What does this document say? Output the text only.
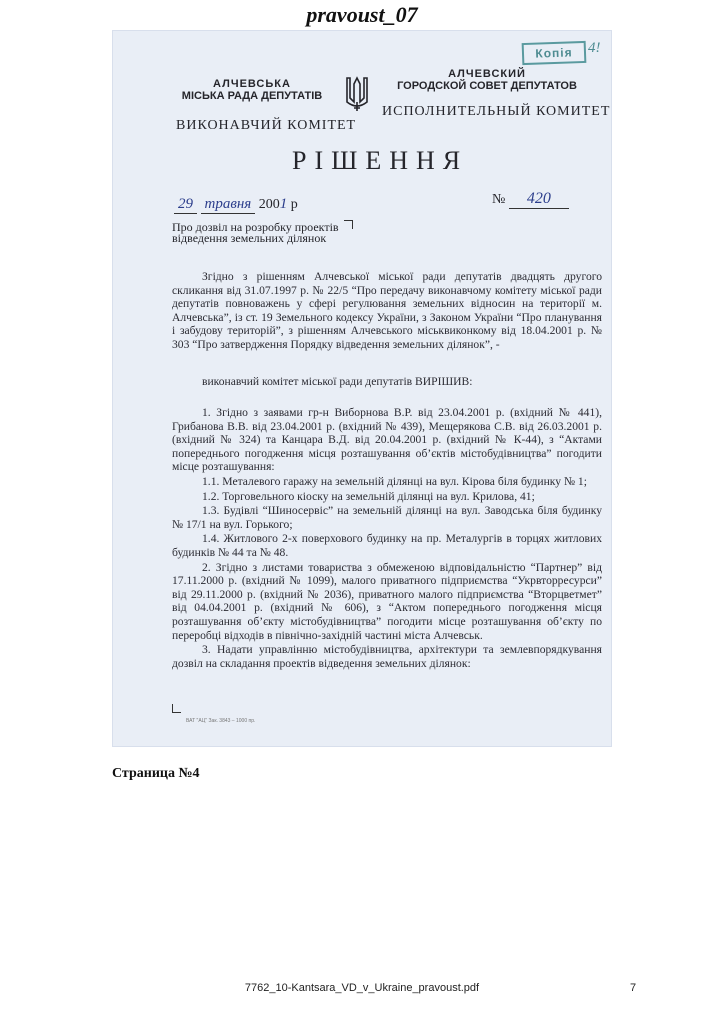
pravoust_07
Копія	4!
АЛЧЕВСЬКА
МІСЬКА РАДА ДЕПУТАТІВ
ВИКОНАВЧИЙ КОМІТЕТ
АЛЧЕВСКИЙ
ГОРОДСКОЙ СОВЕТ ДЕПУТАТОВ
ИСПОЛНИТЕЛЬНЫЙ КОМИТЕТ
РІШЕННЯ
29 травня 2001 р	№ 420
Про дозвіл на розробку проектів відведення земельних ділянок
Згідно з рішенням Алчевської міської ради депутатів двадцять другого скликання від 31.07.1997 р. № 22/5 “Про передачу виконавчому комітету міської ради депутатів повноважень у сфері регулювання земельних відносин на території м. Алчевська”, із ст. 19 Земельного кодексу України, з Законом України “Про планування і забудову територій”, з рішенням Алчевського міськвиконкому від 18.04.2001 р. № 303 “Про затвердження Порядку відведення земельних ділянок”, -
виконавчий комітет міської ради депутатів ВИРІШИВ:

1. Згідно з заявами гр-н Виборнова В.Р. від 23.04.2001 р. (вхідний № 441), Грибанова В.В. від 23.04.2001 р. (вхідний № 439), Мещерякова С.В. від 26.03.2001 р. (вхідний № 324) та Канцара В.Д. від 20.04.2001 р. (вхідний № К-44), з “Актами попереднього погодження місця розташування об’єктів містобудівництва” погодити місце розташування:

1.1. Металевого гаражу на земельній ділянці на вул. Кірова біля будинку № 1;

1.2. Торговельного кіоску на земельній ділянці на вул. Крилова, 41;

1.3. Будівлі “Шиносервіс” на земельній ділянці на вул. Заводська біля будинку № 17/1 на вул. Горького;

1.4. Житлового 2-х поверхового будинку на пр. Металургів в торцях житлових будинків № 44 та № 48.

2. Згідно з листами товариства з обмеженою відповідальністю “Партнер” від 17.11.2000 р. (вхідний № 1099), малого приватного підприємства “Укрвторресурси” від 29.11.2000 р. (вхідний № 2036), приватного малого підприємства “Вторцветмет” від 04.04.2001 р. (вхідний № 606), з “Актом попереднього погодження місця розташування об’єкту містобудівництва” погодити місце розташування об’єкту по переробці відходів в північно-західній частині міста Алчевськ.

3. Надати управлінню містобудівництва, архітектури та землевпорядкування дозвіл на складання проектів відведення земельних ділянок:

ВАТ "АЦ" Зак. 3843 – 1000 пр.
Страница №4
7762_10-Kantsara_VD_v_Ukraine_pravoust.pdf	7
